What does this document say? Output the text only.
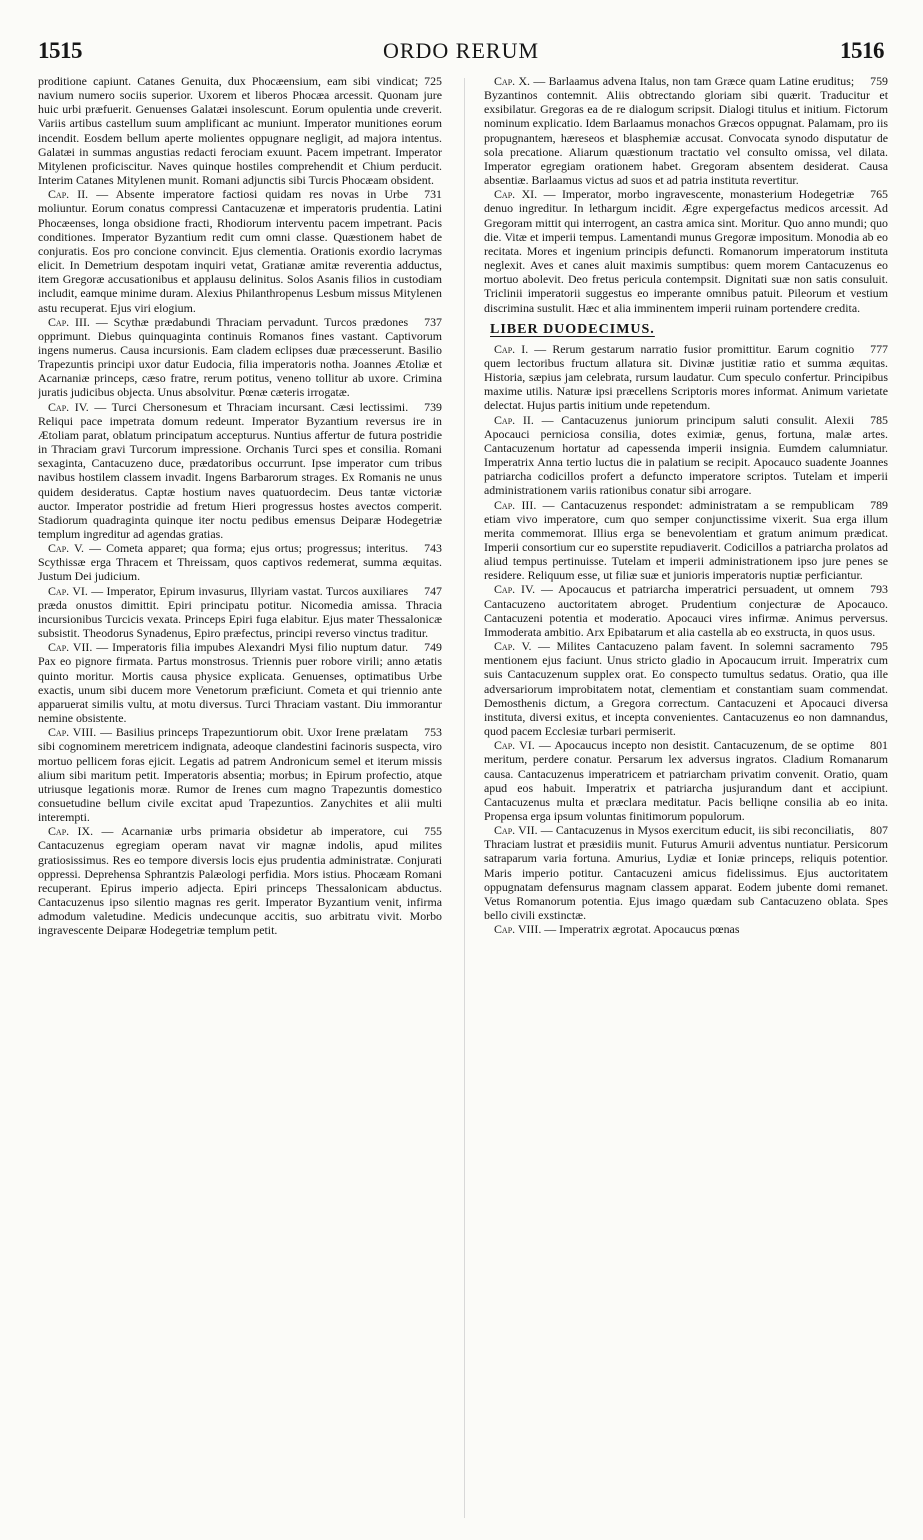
1515	ORDO RERUM	1516

725
proditione capiunt. Catanes Genuita, dux Phocæensium, eam sibi vindicat; navium numero sociis superior. Uxorem et liberos Phocæa arcessit. Quonam jure huic urbi præfuerit. Genuenses Galatæi insolescunt. Eorum opulentia unde creverit. Variis artibus castellum suum amplificant ac muniunt. Imperator munitiones eorum incendit. Eosdem bellum aperte molientes oppugnare negligit, ad majora intentus. Galatæi in summas angustias redacti ferociam exuunt. Pacem impetrant. Imperator Mitylenen proficiscitur. Naves quinque hostiles comprehendit et Chium perducit. Interim Catanes Mitylenen munit. Romani adjunctis sibi Turcis Phocæam obsident.

731
Cap. II. — Absente imperatore factiosi quidam res novas in Urbe moliuntur. Eorum conatus compressi Cantacuzenæ et imperatoris prudentia. Latini Phocæenses, longa obsidione fracti, Rhodiorum interventu pacem impetrant. Pacis conditiones. Imperator Byzantium redit cum omni classe. Quæstionem habet de conjuratis. Eos pro concione convincit. Ejus clementia. Orationis exordio lacrymas elicit. In Demetrium despotam inquiri vetat, Gratianæ amitæ reverentia adductus, item Gregoræ accusationibus et applausu delinitus. Solos Asanis filios in custodiam includit, eamque minime duram. Alexius Philanthropenus Lesbum missus Mitylenen astu recuperat. Ejus viri elogium.

737
Cap. III. — Scythæ prædabundi Thraciam pervadunt. Turcos prædones opprimunt. Diebus quinquaginta continuis Romanos fines vastant. Captivorum ingens numerus. Causa incursionis. Eam cladem eclipses duæ præcesserunt. Basilio Trapezuntis principi uxor datur Eudocia, filia imperatoris notha. Joannes Ætoliæ et Acarnaniæ princeps, cæso fratre, rerum potitus, veneno tollitur ab uxore. Crimina juratis judicibus objecta. Unus absolvitur. Pœnæ cæteris irrogatæ.

739
Cap. IV. — Turci Chersonesum et Thraciam incursant. Cæsi lectissimi. Reliqui pace impetrata domum redeunt. Imperator Byzantium reversus ire in Ætoliam parat, oblatum principatum accepturus. Nuntius affertur de futura postridie in Thraciam gravi Turcorum impressione. Orchanis Turci spes et consilia. Romani sexaginta, Cantacuzeno duce, prædatoribus occurrunt. Ipse imperator cum tribus navibus hostilem classem invadit. Ingens Barbarorum strages. Ex Romanis ne unus quidem desideratus. Captæ hostium naves quatuordecim. Deus tantæ victoriæ auctor. Imperator postridie ad fretum Hieri progressus hostes avectos comperit. Stadiorum quadraginta quinque iter noctu pedibus emensus Deiparæ Hodegetriæ templum ingreditur ad agendas gratias.

743
Cap. V. — Cometa apparet; qua forma; ejus ortus; progressus; interitus. Scythissæ erga Thracem et Threissam, quos captivos redemerat, summa æquitas. Justum Dei judicium.

747
Cap. VI. — Imperator, Epirum invasurus, Illyriam vastat. Turcos auxiliares præda onustos dimittit. Epiri principatu potitur. Nicomedia amissa. Thracia incursionibus Turcicis vexata. Princeps Epiri fuga elabitur. Ejus mater Thessalonicæ subsistit. Theodorus Synadenus, Epiro præfectus, principi reverso vinctus traditur.

749
Cap. VII. — Imperatoris filia impubes Alexandri Mysi filio nuptum datur. Pax eo pignore firmata. Partus monstrosus. Triennis puer robore virili; anno ætatis quinto moritur. Mortis causa physice explicata. Genuenses, optimatibus Urbe exactis, unum sibi ducem more Venetorum præficiunt. Cometa et qui triennio ante apparuerat similis vultu, at motu diversus. Turci Thraciam vastant. Diu immorantur nemine obsistente.

753
Cap. VIII. — Basilius princeps Trapezuntiorum obit. Uxor Irene prælatam sibi cognominem meretricem indignata, adeoque clandestini facinoris suspecta, viro mortuo pellicem foras ejicit. Legatis ad patrem Andronicum semel et iterum missis alium sibi maritum petit. Imperatoris absentia; morbus; in Epirum profectio, atque utriusque legationis moræ. Rumor de Irenes cum magno Trapezuntis domestico consuetudine bellum civile excitat apud Trapezuntios. Zanychites et alii multi interempti.

755
Cap. IX. — Acarnaniæ urbs primaria obsidetur ab imperatore, cui Cantacuzenus egregiam operam navat vir magnæ indolis, apud milites gratiosissimus. Res eo tempore diversis locis ejus prudentia administratæ. Conjurati oppressi. Deprehensa Sphrantzis Palæologi perfidia. Mors istius. Phocæam Romani recuperant. Epirus imperio adjecta. Epiri princeps Thessalonicam abductus. Cantacuzenus ipso silentio magnas res gerit. Imperator Byzantium venit, infirma admodum valetudine. Medicis undecunque accitis, suo arbitratu vivit. Morbo ingravescente Deiparæ Hodegetriæ templum petit.

759
Cap. X. — Barlaamus advena Italus, non tam Græce quam Latine eruditus; Byzantinos contemnit. Aliis obtrectando gloriam sibi quærit. Traducitur et exsibilatur. Gregoras ea de re dialogum scripsit. Dialogi titulus et initium. Fictorum nominum explicatio. Idem Barlaamus monachos Græcos oppugnat. Palamam, pro iis propugnantem, hæreseos et blasphemiæ accusat. Convocata synodo disputatur de sola precatione. Aliarum quæstionum tractatio vel consulto omissa, vel dilata. Imperator egregiam orationem habet. Gregoram absentem desiderat. Causa absentiæ. Barlaamus victus ad suos et ad patria instituta revertitur.

765
Cap. XI. — Imperator, morbo ingravescente, monasterium Hodegetriæ denuo ingreditur. In lethargum incidit. Ægre expergefactus medicos arcessit. Ad Gregoram mittit qui interrogent, an castra amica sint. Moritur. Quo anno mundi; quo die. Vitæ et imperii tempus. Lamentandi munus Gregoræ impositum. Monodia ab eo recitata. Mores et ingenium principis defuncti. Romanorum imperatorum instituta neglexit. Aves et canes aluit maximis sumptibus: quem morem Cantacuzenus eo mortuo abolevit. Deo fretus pericula contempsit. Dignitati suæ non satis consuluit. Triclinii imperatorii suggestus eo imperante omnibus patuit. Pileorum et vestium discrimina sustulit. Hæc et alia imminentem imperii ruinam portendere credita.

LIBER DUODECIMUS.

777
Cap. I. — Rerum gestarum narratio fusior promittitur. Earum cognitio quem lectoribus fructum allatura sit. Divinæ justitiæ ratio et summa æquitas. Historia, sæpius jam celebrata, rursum laudatur. Cum speculo confertur. Principibus maxime utilis. Naturæ ipsi præcellens Scriptoris mores informat. Animum varietate delectat. Hujus partis initium unde repetendum.

785
Cap. II. — Cantacuzenus juniorum principum saluti consulit. Alexii Apocauci perniciosa consilia, dotes eximiæ, genus, fortuna, malæ artes. Cantacuzenum hortatur ad capessenda imperii insignia. Eumdem calumniatur. Imperatrix Anna tertio luctus die in palatium se recipit. Apocauco suadente Joannes patriarcha codicillos profert a defuncto imperatore scriptos. Tutelam et imperii administrationem variis rationibus conatur sibi arrogare.

789
Cap. III. — Cantacuzenus respondet: administratam a se rempublicam etiam vivo imperatore, cum quo semper conjunctissime vixerit. Sua erga illum merita commemorat. Illius erga se benevolentiam et gratum animum prædicat. Imperii consortium cur eo superstite repudiaverit. Codicillos a patriarcha prolatos ad aliud tempus pertinuisse. Tutelam et imperii administrationem ipso jure penes se residere. Reliquum esse, ut filiæ suæ et junioris imperatoris nuptiæ perficiantur.

793
Cap. IV. — Apocaucus et patriarcha imperatrici persuadent, ut omnem Cantacuzeno auctoritatem abroget. Prudentium conjecturæ de Apocauco. Cantacuzeni potentia et moderatio. Apocauci vires infirmæ. Animus perversus. Immoderata ambitio. Arx Epibatarum et alia castella ab eo exstructa, in quos usus.

795
Cap. V. — Milites Cantacuzeno palam favent. In solemni sacramento mentionem ejus faciunt. Unus stricto gladio in Apocaucum irruit. Imperatrix cum suis Cantacuzenum supplex orat. Eo conspecto tumultus sedatus. Oratio, qua ille adversariorum improbitatem notat, clementiam et constantiam suam commendat. Demosthenis dictum, a Gregora correctum. Cantacuzeni et Apocauci diversa instituta, diversi exitus, et incepta convenientes. Cantacuzenus eo non damnandus, quod pacem Ecclesiæ turbari permiserit.

801
Cap. VI. — Apocaucus incepto non desistit. Cantacuzenum, de se optime meritum, perdere conatur. Persarum lex adversus ingratos. Cladium Romanarum causa. Cantacuzenus imperatricem et patriarcham privatim convenit. Oratio, quam apud eos habuit. Imperatrix et patriarcha jusjurandum dant et accipiunt. Cantacuzenus multa et præclara meditatur. Pacis belliqne consilia ab eo inita. Propensa erga ipsum voluntas finitimorum populorum.

807
Cap. VII. — Cantacuzenus in Mysos exercitum educit, iis sibi reconciliatis, Thraciam lustrat et præsidiis munit. Futurus Amurii adventus nuntiatur. Persicorum satraparum varia fortuna. Amurius, Lydiæ et Ioniæ princeps, reliquis potentior. Maris imperio potitur. Cantacuzeni amicus fidelissimus. Ejus auctoritatem oppugnatam defensurus magnam classem apparat. Eodem jubente domi remanet. Vetus Romanorum potentia. Ejus imago quædam sub Cantacuzeno oblata. Spes bello civili exstinctæ.

Cap. VIII. — Imperatrix ægrotat. Apocaucus pœnas
